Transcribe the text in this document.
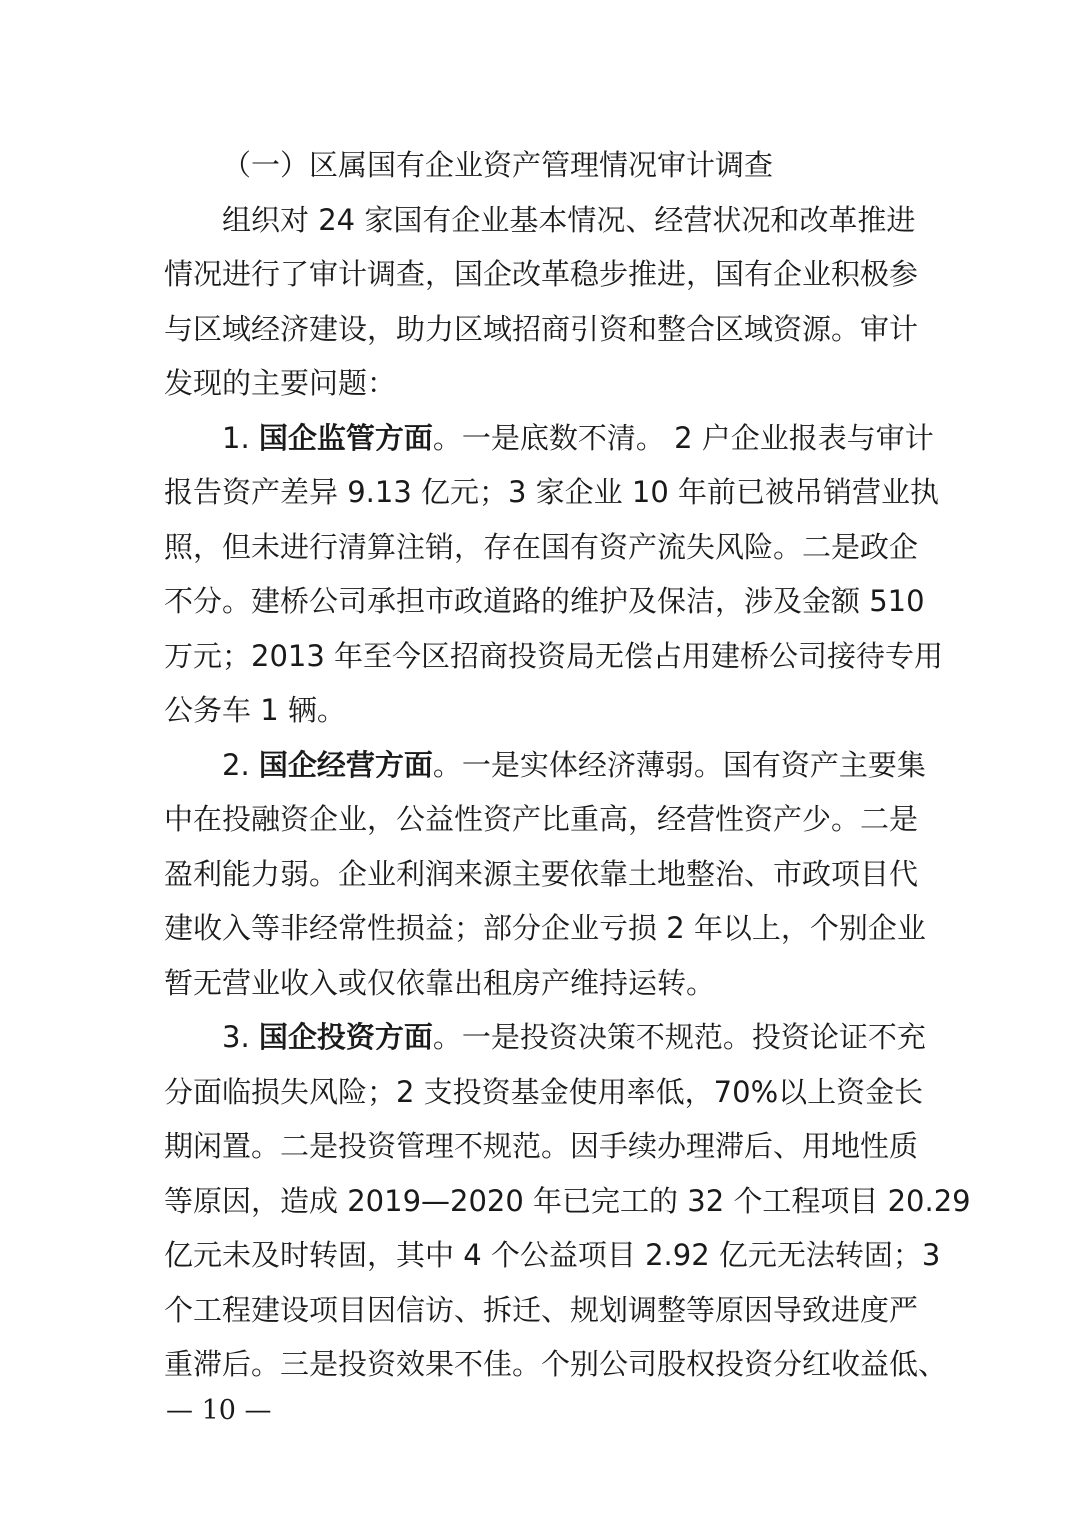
（一）区属国有企业资产管理情况审计调查
组织对 24 家国有企业基本情况、经营状况和改革推进
情况进行了审计调查，国企改革稳步推进，国有企业积极参
与区域经济建设，助力区域招商引资和整合区域资源。审计
发现的主要问题：
1. 国企监管方面。一是底数不清。 2 户企业报表与审计
报告资产差异 9.13 亿元；3 家企业 10 年前已被吊销营业执
照，但未进行清算注销，存在国有资产流失风险。二是政企
不分。建桥公司承担市政道路的维护及保洁，涉及金额 510
万元；2013 年至今区招商投资局无偿占用建桥公司接待专用
公务车 1 辆。
2. 国企经营方面。一是实体经济薄弱。国有资产主要集
中在投融资企业，公益性资产比重高，经营性资产少。二是
盈利能力弱。企业利润来源主要依靠土地整治、市政项目代
建收入等非经常性损益；部分企业亏损 2 年以上，个别企业
暂无营业收入或仅依靠出租房产维持运转。
3. 国企投资方面。一是投资决策不规范。投资论证不充
分面临损失风险；2 支投资基金使用率低，70%以上资金长
期闲置。二是投资管理不规范。因手续办理滞后、用地性质
等原因，造成 2019—2020 年已完工的 32 个工程项目 20.29
亿元未及时转固，其中 4 个公益项目 2.92 亿元无法转固；3
个工程建设项目因信访、拆迁、规划调整等原因导致进度严
重滞后。三是投资效果不佳。个别公司股权投资分红收益低、
— 10 —
